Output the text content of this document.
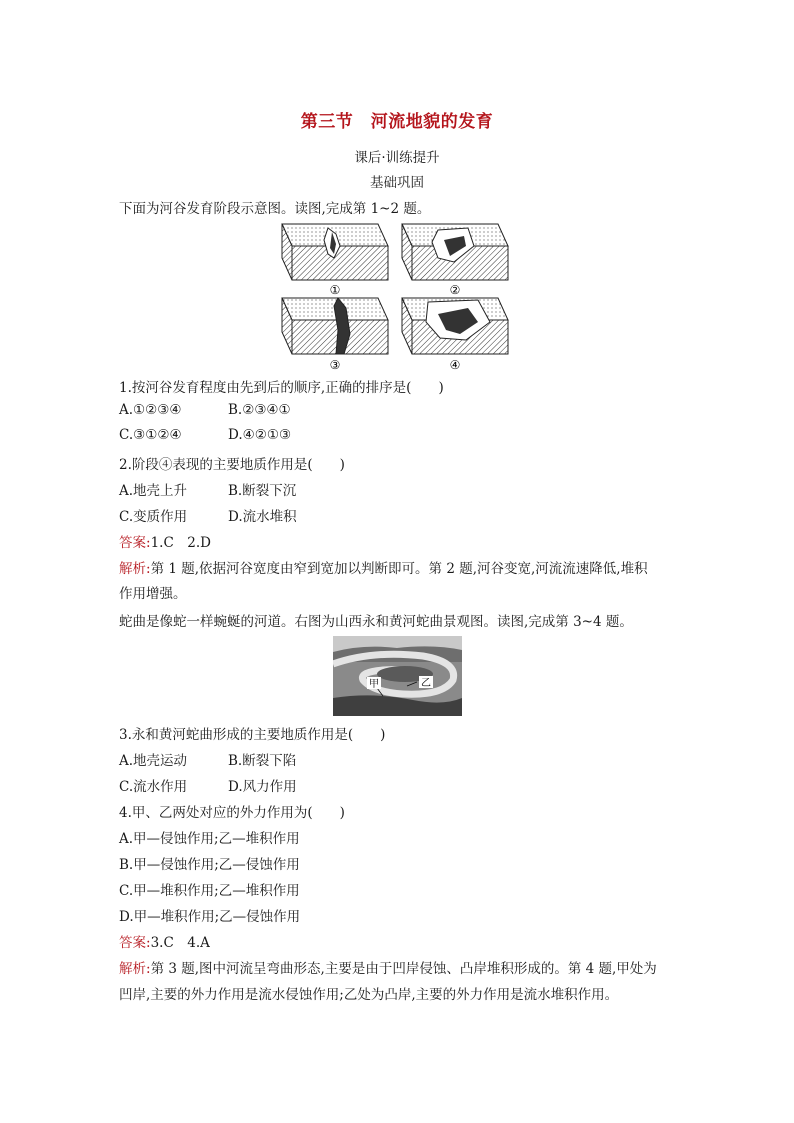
第三节　河流地貌的发育
课后·训练提升
基础巩固
下面为河谷发育阶段示意图。读图,完成第 1~2 题。
①	②
③	④
1.按河谷发育程度由先到后的顺序,正确的排序是(　　)
A.①②③④	B.②③④①
C.③①②④	D.④②①③
2.阶段④表现的主要地质作用是(　　)
A.地壳上升	B.断裂下沉
C.变质作用	D.流水堆积
答案:1.C　2.D
解析:第 1 题,依据河谷宽度由窄到宽加以判断即可。第 2 题,河谷变宽,河流流速降低,堆积
作用增强。
蛇曲是像蛇一样蜿蜒的河道。右图为山西永和黄河蛇曲景观图。读图,完成第 3~4 题。
甲	乙
3.永和黄河蛇曲形成的主要地质作用是(　　)
A.地壳运动	B.断裂下陷
C.流水作用	D.风力作用
4.甲、乙两处对应的外力作用为(　　)
A.甲—侵蚀作用;乙—堆积作用
B.甲—侵蚀作用;乙—侵蚀作用
C.甲—堆积作用;乙—堆积作用
D.甲—堆积作用;乙—侵蚀作用
答案:3.C　4.A
解析:第 3 题,图中河流呈弯曲形态,主要是由于凹岸侵蚀、凸岸堆积形成的。第 4 题,甲处为
凹岸,主要的外力作用是流水侵蚀作用;乙处为凸岸,主要的外力作用是流水堆积作用。
